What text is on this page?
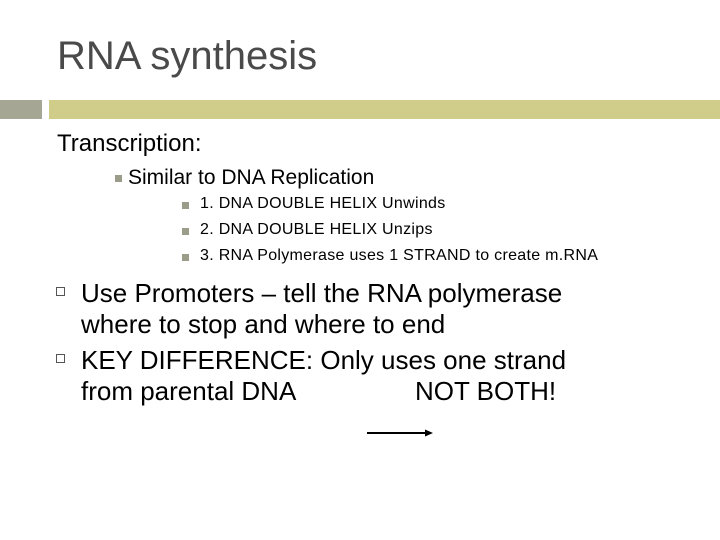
RNA synthesis
Transcription:
Similar to DNA Replication
1. DNA DOUBLE HELIX Unwinds
2. DNA DOUBLE HELIX Unzips
3. RNA Polymerase uses 1 STRAND to create m.RNA
Use Promoters – tell the RNA polymerase
where to stop and where to end
KEY DIFFERENCE: Only uses one strand
from parental DNA	NOT BOTH!
